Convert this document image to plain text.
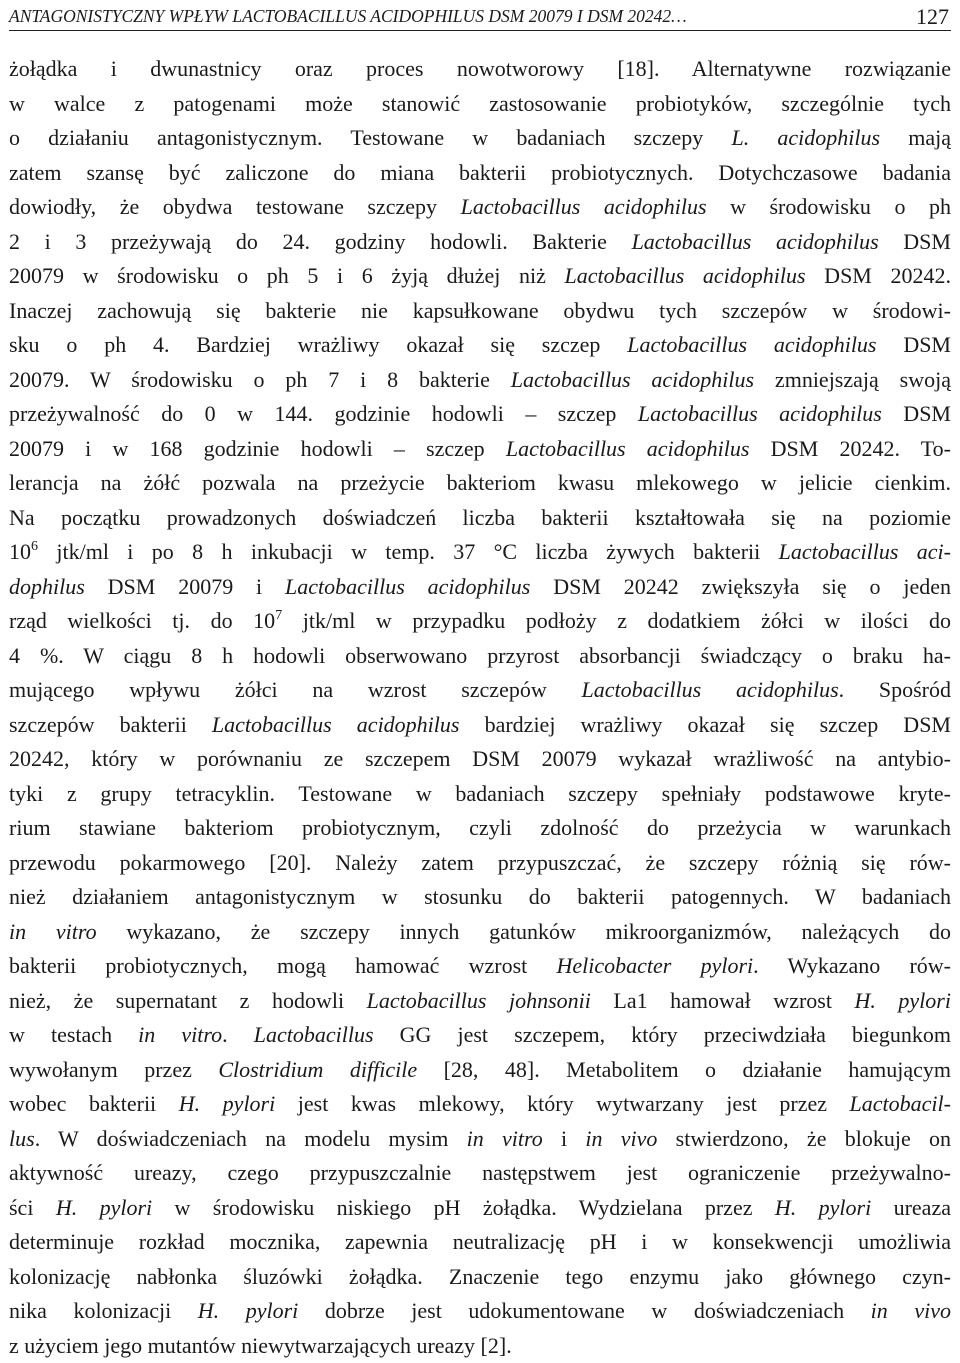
ANTAGONISTYCZNY WPŁYW LACTOBACILLUS ACIDOPHILUS DSM 20079 I DSM 20242…	127
żołądka i dwunastnicy oraz proces nowotworowy [18]. Alternatywne rozwiązanie
w walce z patogenami może stanowić zastosowanie probiotyków, szczególnie tych
o działaniu antagonistycznym. Testowane w badaniach szczepy L. acidophilus mają
zatem szansę być zaliczone do miana bakterii probiotycznych. Dotychczasowe badania
dowiodły, że obydwa testowane szczepy Lactobacillus acidophilus w środowisku o ph
2 i 3 przeżywają do 24. godziny hodowli. Bakterie Lactobacillus acidophilus DSM
20079 w środowisku o ph 5 i 6 żyją dłużej niż Lactobacillus acidophilus DSM 20242.
Inaczej zachowują się bakterie nie kapsułkowane obydwu tych szczepów w środowi-
sku o ph 4. Bardziej wrażliwy okazał się szczep Lactobacillus acidophilus DSM
20079. W środowisku o ph 7 i 8 bakterie Lactobacillus acidophilus zmniejszają swoją
przeżywalność do 0 w 144. godzinie hodowli – szczep Lactobacillus acidophilus DSM
20079 i w 168 godzinie hodowli – szczep Lactobacillus acidophilus DSM 20242. To-
lerancja na żółć pozwala na przeżycie bakteriom kwasu mlekowego w jelicie cienkim.
Na początku prowadzonych doświadczeń liczba bakterii kształtowała się na poziomie
$10^6$ jtk/ml i po 8 h inkubacji w temp. 37 °C liczba żywych bakterii Lactobacillus aci-
dophilus DSM 20079 i Lactobacillus acidophilus DSM 20242 zwiększyła się o jeden
rząd wielkości tj. do $10^7$ jtk/ml w przypadku podłoży z dodatkiem żółci w ilości do
4 %. W ciągu 8 h hodowli obserwowano przyrost absorbancji świadczący o braku ha-
mującego wpływu żółci na wzrost szczepów Lactobacillus acidophilus. Spośród
szczepów bakterii Lactobacillus acidophilus bardziej wrażliwy okazał się szczep DSM
20242, który w porównaniu ze szczepem DSM 20079 wykazał wrażliwość na antybio-
tyki z grupy tetracyklin. Testowane w badaniach szczepy spełniały podstawowe kryte-
rium stawiane bakteriom probiotycznym, czyli zdolność do przeżycia w warunkach
przewodu pokarmowego [20]. Należy zatem przypuszczać, że szczepy różnią się rów-
nież działaniem antagonistycznym w stosunku do bakterii patogennych. W badaniach
in vitro wykazano, że szczepy innych gatunków mikroorganizmów, należących do
bakterii probiotycznych, mogą hamować wzrost Helicobacter pylori. Wykazano rów-
nież, że supernatant z hodowli Lactobacillus johnsonii La1 hamował wzrost H. pylori
w testach in vitro. Lactobacillus GG jest szczepem, który przeciwdziała biegunkom
wywołanym przez Clostridium difficile [28, 48]. Metabolitem o działanie hamującym
wobec bakterii H. pylori jest kwas mlekowy, który wytwarzany jest przez Lactobacil-
lus. W doświadczeniach na modelu mysim in vitro i in vivo stwierdzono, że blokuje on
aktywność ureazy, czego przypuszczalnie następstwem jest ograniczenie przeżywalno-
ści H. pylori w środowisku niskiego pH żołądka. Wydzielana przez H. pylori ureaza
determinuje rozkład mocznika, zapewnia neutralizację pH i w konsekwencji umożliwia
kolonizację nabłonka śluzówki żołądka. Znaczenie tego enzymu jako głównego czyn-
nika kolonizacji H. pylori dobrze jest udokumentowane w doświadczeniach in vivo
z użyciem jego mutantów niewytwarzających ureazy [2].
